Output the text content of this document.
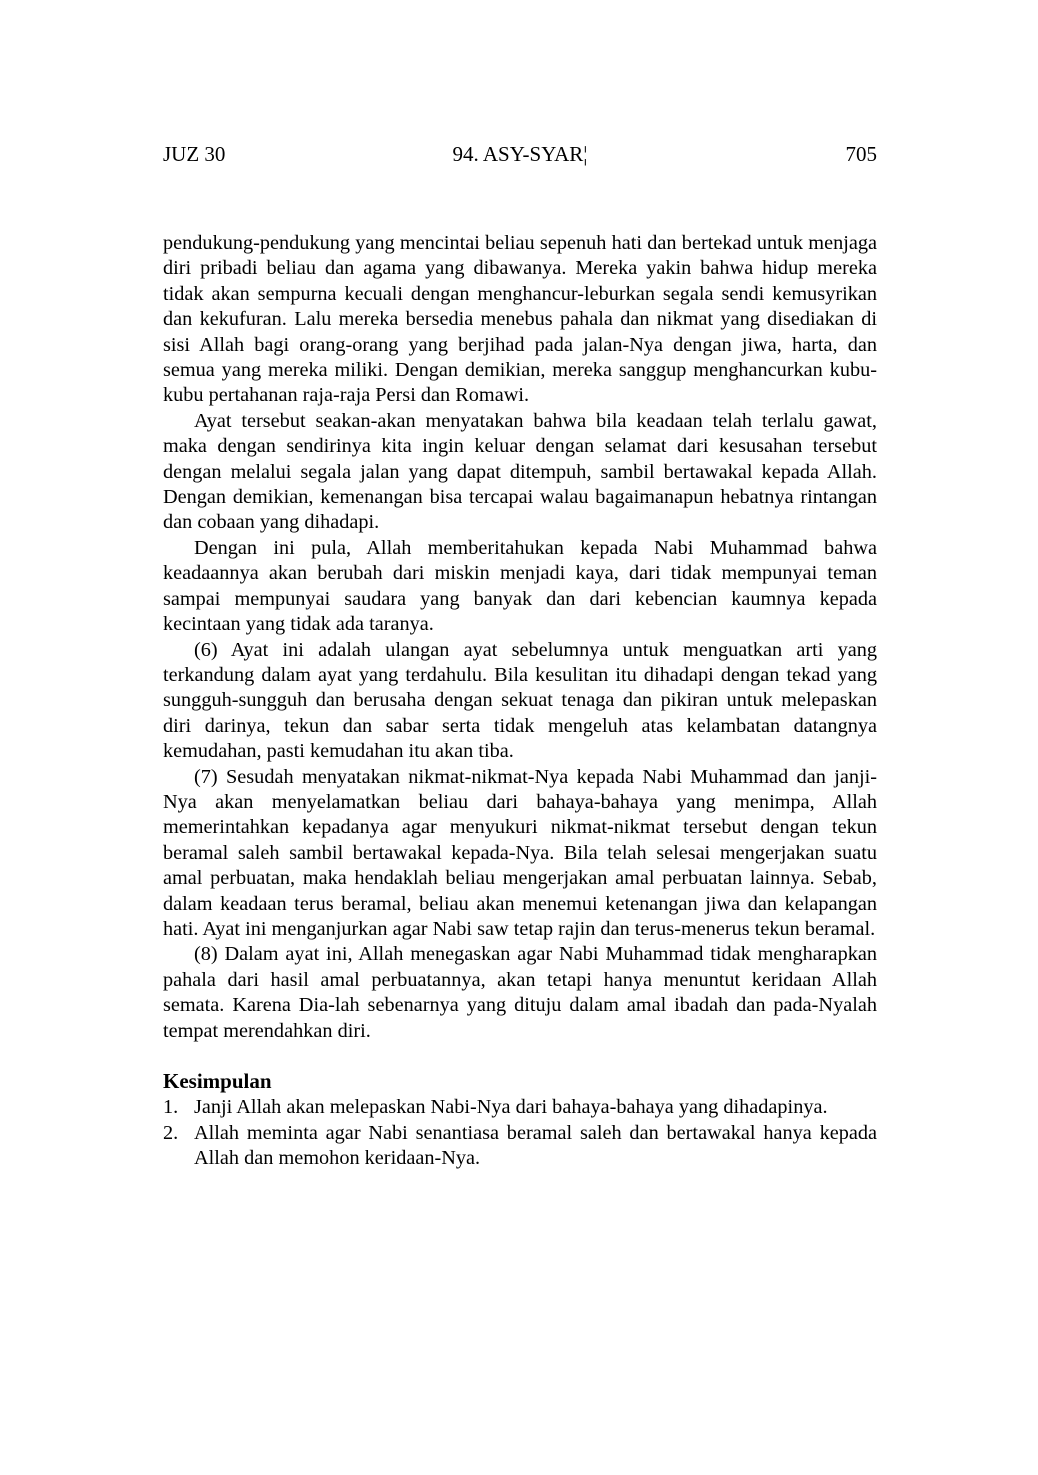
JUZ 30	94. ASY-SYAR¦	705

pendukung-pendukung yang mencintai beliau sepenuh hati dan bertekad untuk menjaga diri pribadi beliau dan agama yang dibawanya. Mereka yakin bahwa hidup mereka tidak akan sempurna kecuali dengan menghancur-leburkan segala sendi kemusyrikan dan kekufuran. Lalu mereka bersedia menebus pahala dan nikmat yang disediakan di sisi Allah bagi orang-orang yang berjihad pada jalan-Nya dengan jiwa, harta, dan semua yang mereka miliki. Dengan demikian, mereka sanggup menghancurkan kubu-kubu pertahanan raja-raja Persi dan Romawi.

Ayat tersebut seakan-akan menyatakan bahwa bila keadaan telah terlalu gawat, maka dengan sendirinya kita ingin keluar dengan selamat dari kesusahan tersebut dengan melalui segala jalan yang dapat ditempuh, sambil bertawakal kepada Allah. Dengan demikian, kemenangan bisa tercapai walau bagaimanapun hebatnya rintangan dan cobaan yang dihadapi.

Dengan ini pula, Allah memberitahukan kepada Nabi Muhammad bahwa keadaannya akan berubah dari miskin menjadi kaya, dari tidak mempunyai teman sampai mempunyai saudara yang banyak dan dari kebencian kaumnya kepada kecintaan yang tidak ada taranya.

(6) Ayat ini adalah ulangan ayat sebelumnya untuk menguatkan arti yang terkandung dalam ayat yang terdahulu. Bila kesulitan itu dihadapi dengan tekad yang sungguh-sungguh dan berusaha dengan sekuat tenaga dan pikiran untuk melepaskan diri darinya, tekun dan sabar serta tidak mengeluh atas kelambatan datangnya kemudahan, pasti kemudahan itu akan tiba.

(7) Sesudah menyatakan nikmat-nikmat-Nya kepada Nabi Muhammad dan janji-Nya akan menyelamatkan beliau dari bahaya-bahaya yang menimpa, Allah memerintahkan kepadanya agar menyukuri nikmat-nikmat tersebut dengan tekun beramal saleh sambil bertawakal kepada-Nya. Bila telah selesai mengerjakan suatu amal perbuatan, maka hendaklah beliau mengerjakan amal perbuatan lainnya. Sebab, dalam keadaan terus beramal, beliau akan menemui ketenangan jiwa dan kelapangan hati. Ayat ini menganjurkan agar Nabi saw tetap rajin dan terus-menerus tekun beramal.

(8) Dalam ayat ini, Allah menegaskan agar Nabi Muhammad tidak mengharapkan pahala dari hasil amal perbuatannya, akan tetapi hanya menuntut keridaan Allah semata. Karena Dia-lah sebenarnya yang dituju dalam amal ibadah dan pada-Nyalah tempat merendahkan diri.

Kesimpulan
1. Janji Allah akan melepaskan Nabi-Nya dari bahaya-bahaya yang dihadapinya.
2. Allah meminta agar Nabi senantiasa beramal saleh dan bertawakal hanya kepada Allah dan memohon keridaan-Nya.
